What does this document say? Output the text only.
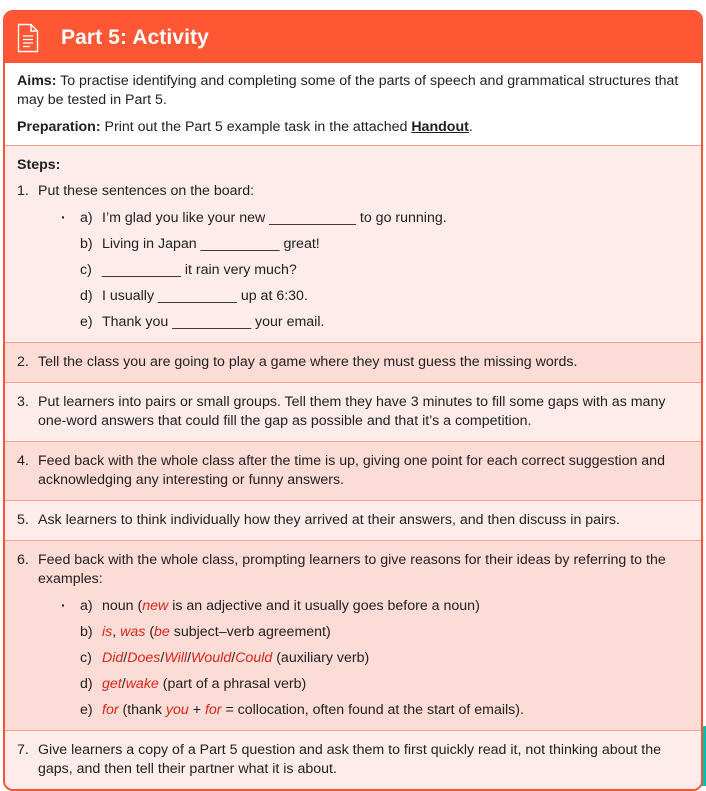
Part 5: Activity

Aims: To practise identifying and completing some of the parts of speech and grammatical structures that may be tested in Part 5.

Preparation: Print out the Part 5 example task in the attached Handout.

Steps:

1. Put these sentences on the board:
· a) I’m glad you like your new ___________ to go running.
b) Living in Japan __________ great!
c) __________ it rain very much?
d) I usually __________ up at 6:30.
e) Thank you __________ your email.
2. Tell the class you are going to play a game where they must guess the missing words.
3. Put learners into pairs or small groups. Tell them they have 3 minutes to fill some gaps with as many one-word answers that could fill the gap as possible and that it’s a competition.
4. Feed back with the whole class after the time is up, giving one point for each correct suggestion and acknowledging any interesting or funny answers.
5. Ask learners to think individually how they arrived at their answers, and then discuss in pairs.
6. Feed back with the whole class, prompting learners to give reasons for their ideas by referring to the examples:
· a) noun (new is an adjective and it usually goes before a noun)
b) is, was (be subject–verb agreement)
c) Did/Does/Will/Would/Could (auxiliary verb)
d) get/wake (part of a phrasal verb)
e) for (thank you + for = collocation, often found at the start of emails).
7. Give learners a copy of a Part 5 question and ask them to first quickly read it, not thinking about the gaps, and then tell their partner what it is about.
